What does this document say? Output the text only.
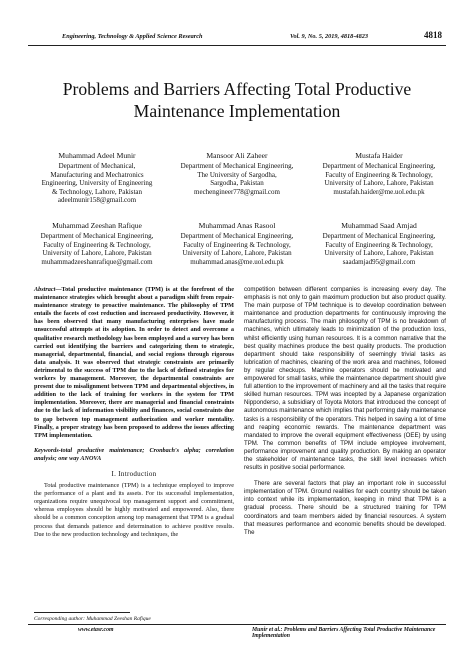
Engineering, Technology & Applied Science Research	Vol. 9, No. 5, 2019, 4818-4823	4818
Problems and Barriers Affecting Total Productive Maintenance Implementation
Muhammad Adeel Munir
Department of Mechanical,
Manufacturing and Mechatronics
Engineering, University of Engineering
& Technology, Lahore, Pakistan
adeelmunir158@gmail.com
Mansoor Ali Zaheer
Department of Mechanical Engineering,
The University of Sargodha,
Sargodha, Pakistan
mechengineer778@gmail.com
Mustafa Haider
Department of Mechanical Engineering,
Faculty of Engineering & Technology,
University of Lahore, Lahore, Pakistan
mustafah.haider@me.uol.edu.pk
Muhammad Zeeshan Rafique
Department of Mechanical Engineering,
Faculty of Engineering & Technology,
University of Lahore, Lahore, Pakistan
muhammadzeeshanrafique@gmail.com
Muhammad Anas Rasool
Department of Mechanical Engineering,
Faculty of Engineering & Technology,
University of Lahore, Lahore, Pakistan
muhammad.anas@me.uol.edu.pk
Muhammad Saad Amjad
Department of Mechanical Engineering,
Faculty of Engineering & Technology,
University of Lahore, Lahore, Pakistan
saadamjad95@gmail.com

Abstract—Total productive maintenance (TPM) is at the forefront of the maintenance strategies which brought about a paradigm shift from repair-maintenance strategy to proactive maintenance. The philosophy of TPM entails the facets of cost reduction and increased productivity. However, it has been observed that many manufacturing enterprises have made unsuccessful attempts at its adoption. In order to detect and overcome a qualitative research methodology has been employed and a survey has been carried out identifying the barriers and categorizing them to strategic, managerial, departmental, financial, and social regions through rigorous data analysis. It was observed that strategic constraints are primarily detrimental to the success of TPM due to the lack of defined strategies for workers by management. Moreover, the departmental constraints are present due to misalignment between TPM and departmental objectives, in addition to the lack of training for workers in the system for TPM implementation. Moreover, there are managerial and financial constraints due to the lack of information visibility and finances, social constraints due to gap between top management authorization and worker mentality. Finally, a proper strategy has been proposed to address the issues affecting TPM implementation.

Keywords-total productive maintenance; Cronbach's alpha; correlation analysis; one way ANOVA

I. Introduction

Total productive maintenance (TPM) is a technique employed to improve the performance of a plant and its assets. For its successful implementation, organizations require unequivocal top management support and commitment, whereas employees should be highly motivated and empowered. Also, there should be a common conception among top management that TPM is a gradual process that demands patience and determination to achieve positive results. Due to the new production technology and techniques, the

competition between different companies is increasing every day. The emphasis is not only to gain maximum production but also product quality. The main purpose of TPM technique is to develop coordination between maintenance and production departments for continuously improving the manufacturing process. The main philosophy of TPM is no breakdown of machines, which ultimately leads to minimization of the production loss, whilst efficiently using human resources. It is a common narrative that the best quality machines produce the best quality products. The production department should take responsibility of seemingly trivial tasks as lubrication of machines, cleaning of the work area and machines, followed by regular checkups. Machine operators should be motivated and empowered for small tasks, while the maintenance department should give full attention to the improvement of machinery and all the tasks that require skilled human resources. TPM was incepted by a Japanese organization Nipponderso, a subsidiary of Toyota Motors that introduced the concept of autonomous maintenance which implies that performing daily maintenance tasks is a responsibility of the operators. This helped in saving a lot of time and reaping economic rewards. The maintenance department was mandated to improve the overall equipment effectiveness (OEE) by using TPM. The common benefits of TPM include employee involvement, performance improvement and quality production. By making an operator the stakeholder of maintenance tasks, the skill level increases which results in positive social performance.

There are several factors that play an important role in successful implementation of TPM. Ground realities for each country should be taken into context while its implementation, keeping in mind that TPM is a gradual process. There should be a structured training for TPM coordinators and team members aided by financial resources. A system that measures performance and economic benefits should be developed. The

Corresponding author: Muhammad Zeeshan Rafique
www.etasr.com	Munir et al.: Problems and Barriers Affecting Total Productive Maintenance Implementation
